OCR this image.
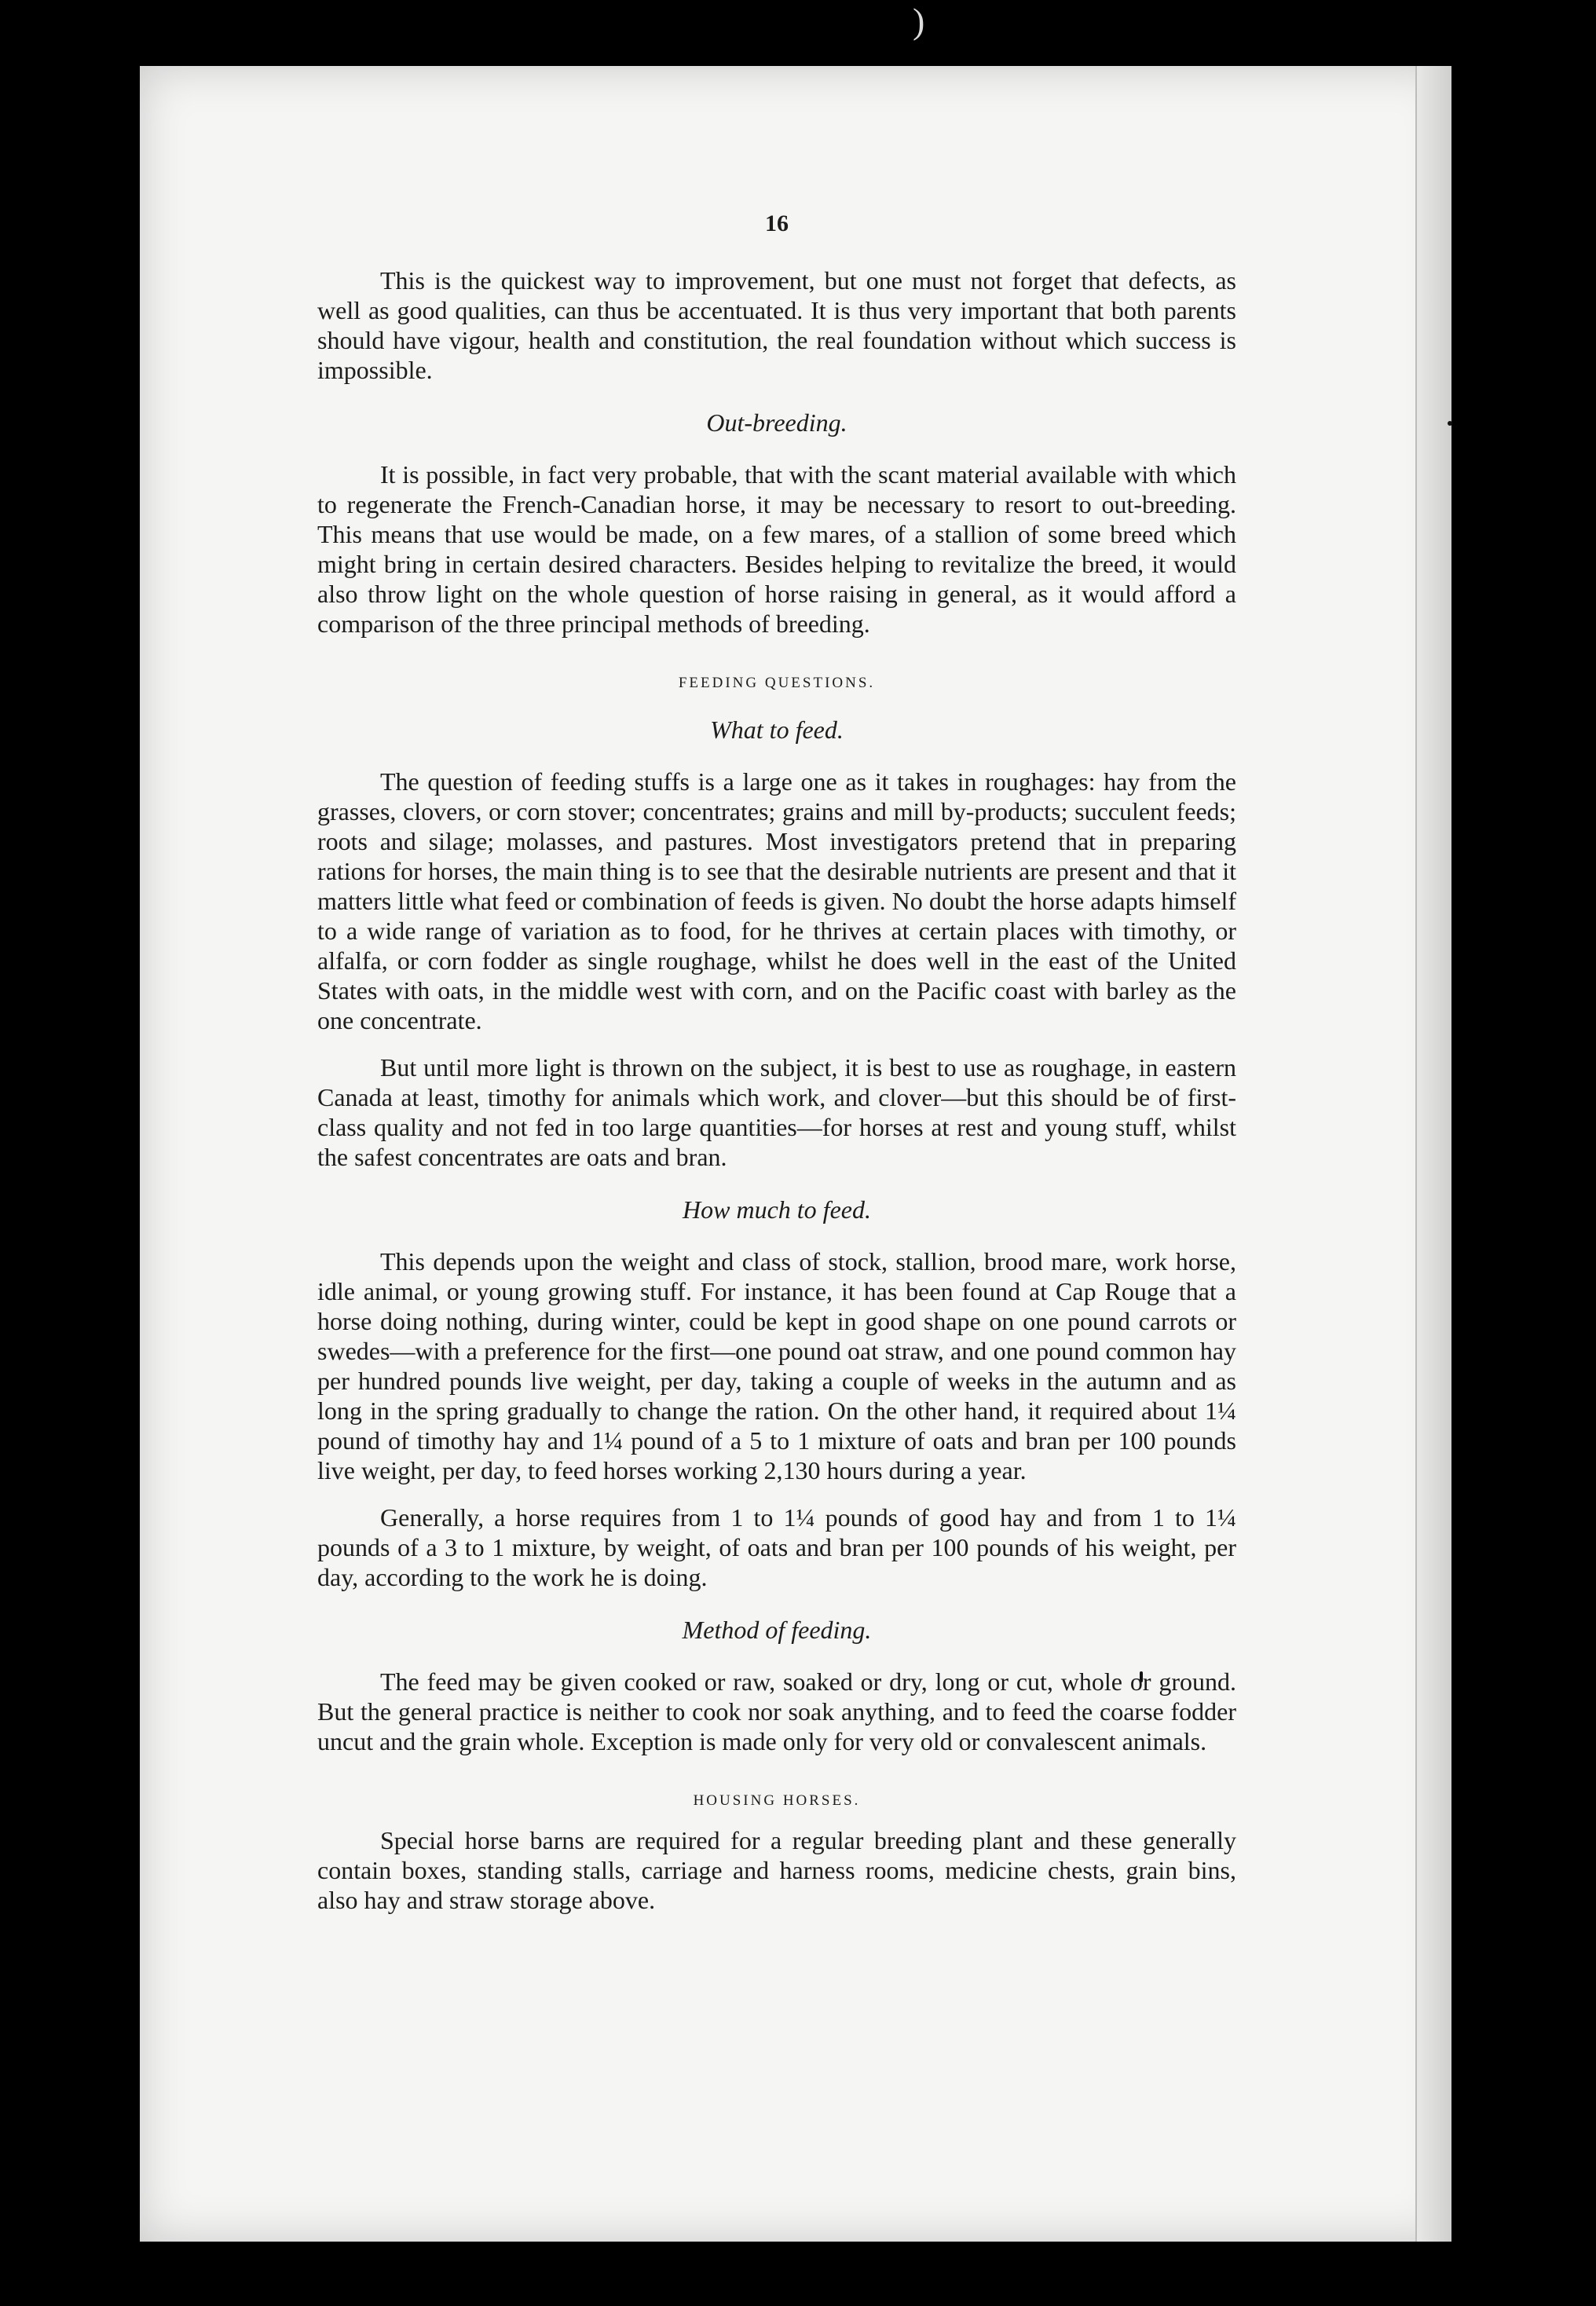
16

This is the quickest way to improvement, but one must not forget that defects, as well as good qualities, can thus be accentuated. It is thus very important that both parents should have vigour, health and constitution, the real foundation without which success is impossible.

Out-breeding.

It is possible, in fact very probable, that with the scant material available with which to regenerate the French-Canadian horse, it may be necessary to resort to out-breeding. This means that use would be made, on a few mares, of a stallion of some breed which might bring in certain desired characters. Besides helping to revitalize the breed, it would also throw light on the whole question of horse raising in general, as it would afford a comparison of the three principal methods of breeding.

FEEDING QUESTIONS.
What to feed.

The question of feeding stuffs is a large one as it takes in roughages: hay from the grasses, clovers, or corn stover; concentrates; grains and mill by-products; succulent feeds; roots and silage; molasses, and pastures. Most investigators pretend that in preparing rations for horses, the main thing is to see that the desirable nutrients are present and that it matters little what feed or combination of feeds is given. No doubt the horse adapts himself to a wide range of variation as to food, for he thrives at certain places with timothy, or alfalfa, or corn fodder as single roughage, whilst he does well in the east of the United States with oats, in the middle west with corn, and on the Pacific coast with barley as the one concentrate.

But until more light is thrown on the subject, it is best to use as roughage, in eastern Canada at least, timothy for animals which work, and clover—but this should be of first-class quality and not fed in too large quantities—for horses at rest and young stuff, whilst the safest concentrates are oats and bran.

How much to feed.

This depends upon the weight and class of stock, stallion, brood mare, work horse, idle animal, or young growing stuff. For instance, it has been found at Cap Rouge that a horse doing nothing, during winter, could be kept in good shape on one pound carrots or swedes—with a preference for the first—one pound oat straw, and one pound common hay per hundred pounds live weight, per day, taking a couple of weeks in the autumn and as long in the spring gradually to change the ration. On the other hand, it required about 1¼ pound of timothy hay and 1¼ pound of a 5 to 1 mixture of oats and bran per 100 pounds live weight, per day, to feed horses working 2,130 hours during a year.

Generally, a horse requires from 1 to 1¼ pounds of good hay and from 1 to 1¼ pounds of a 3 to 1 mixture, by weight, of oats and bran per 100 pounds of his weight, per day, according to the work he is doing.

Method of feeding.

The feed may be given cooked or raw, soaked or dry, long or cut, whole or ground. But the general practice is neither to cook nor soak anything, and to feed the coarse fodder uncut and the grain whole. Exception is made only for very old or convalescent animals.

HOUSING HORSES.

Special horse barns are required for a regular breeding plant and these generally contain boxes, standing stalls, carriage and harness rooms, medicine chests, grain bins, also hay and straw storage above.

)
